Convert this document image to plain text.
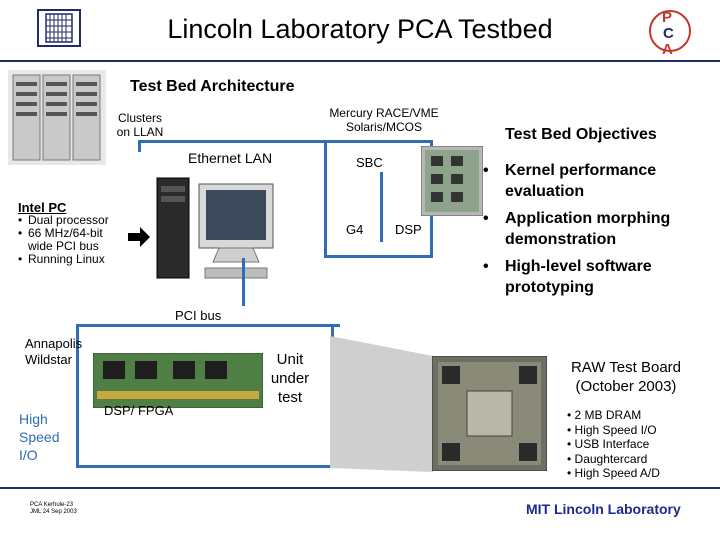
Lincoln Laboratory PCA Testbed	P
C
A
Test Bed Architecture
Clusters
on LLAN
Mercury RACE/VME
Solaris/MCOS
Ethernet LAN	SBC
G4 DSP
Intel PC
• Dual processor
• 66 MHz/64-bit
wide PCI bus
• Running Linux
PCI bus
Annapolis
Wildstar
High
Speed
I/O
DSP/ FPGA
Unit
under
test
Test Bed Objectives
•	Kernel performance evaluation
•	Application morphing demonstration
•	High-level software prototyping
RAW Test Board
(October 2003)
• 2 MB DRAM
• High Speed I/O
• USB Interface
• Daughtercard
• High Speed A/D
PCA Kerhule-23
JML 24 Sep 2003	MIT Lincoln Laboratory
